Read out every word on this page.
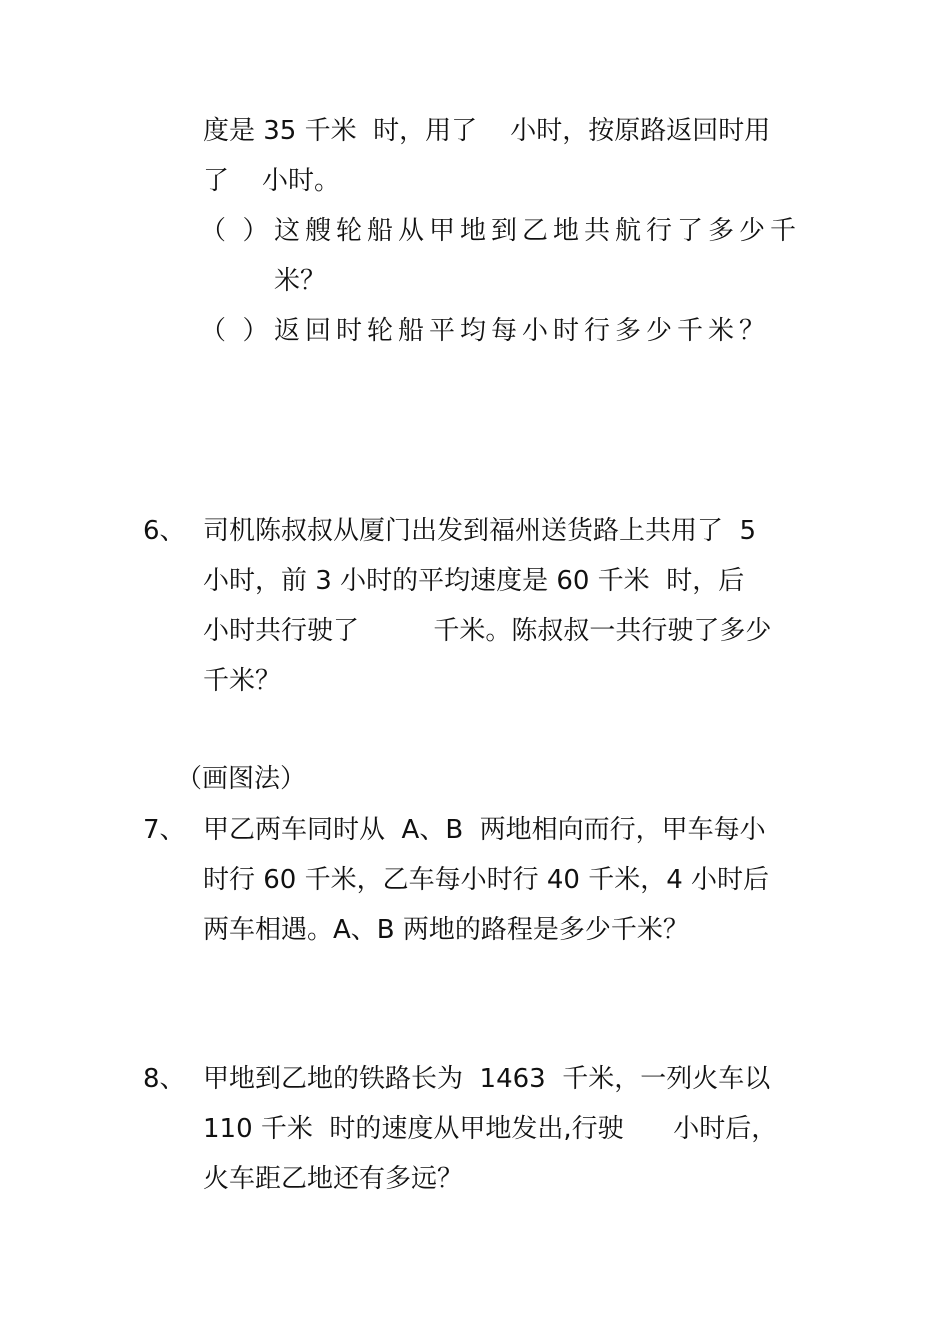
度是 35 千米  时，用了    小时，按原路返回时用

了    小时。

（  ） 这艘轮船从甲地到乙地共航行了多少千

米？

（  ） 返回时轮船平均每小时行多少千米？

6、 司机陈叔叔从厦门出发到福州送货路上共用了  5

小时，前 3 小时的平均速度是 60 千米  时，后

小时共行驶了         千米。陈叔叔一共行驶了多少

千米？

（画图法）

7、 甲乙两车同时从  A、B  两地相向而行，甲车每小

时行 60 千米，乙车每小时行 40 千米，4 小时后

两车相遇。A、B 两地的路程是多少千米？

8、 甲地到乙地的铁路长为  1463  千米，一列火车以

110 千米  时的速度从甲地发出,行驶      小时后，

火车距乙地还有多远？
